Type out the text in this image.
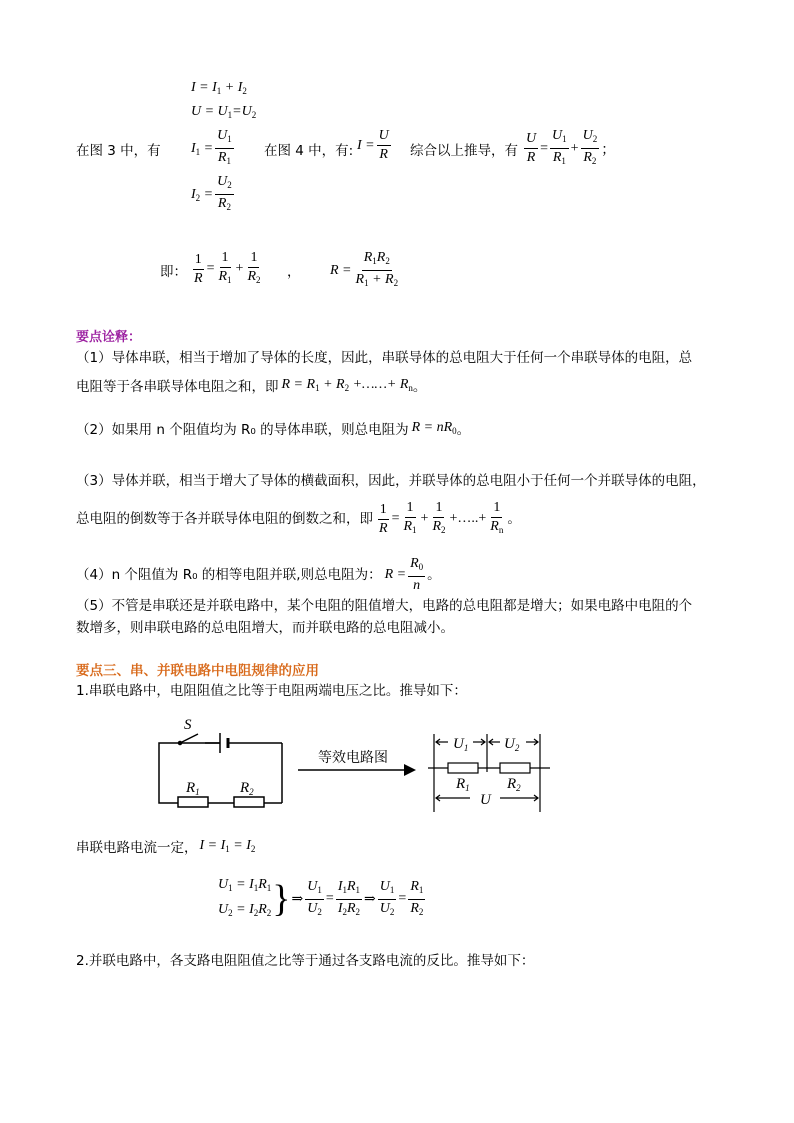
$I = I_1 + I_2$
$U = U_1=U_2$
在图 3 中，有 $I_1 = \frac{U_1}{R_1}$ 在图 4 中，有: $I = \frac{U}{R}$ 综合以上推导，有 $\frac{U}{R} = \frac{U_1}{R_1} + \frac{U_2}{R_2}$ ；
$I_2 = \frac{U_2}{R_2}$
即： $\frac{1}{R} = \frac{1}{R_1} + \frac{1}{R_2}$ ， $R = \frac{R_1R_2}{R_1 + R_2}$
要点诠释：
（1）导体串联，相当于增加了导体的长度，因此，串联导体的总电阻大于任何一个串联导体的电阻，总
电阻等于各串联导体电阻之和，即 $R = R_1 + R_2$ +……+ $R_n$ 。
（2）如果用 n 个阻值均为 R₀ 的导体串联，则总电阻为 $R = nR_0$ 。
（3）导体并联，相当于增大了导体的横截面积，因此，并联导体的总电阻小于任何一个并联导体的电阻，
总电阻的倒数等于各并联导体电阻的倒数之和，即 $\frac{1}{R} = \frac{1}{R_1} + \frac{1}{R_2}$ +…..+ $\frac{1}{R_n}$ 。
（4）n 个阻值为 R₀ 的相等电阻并联,则总电阻为： $R = \frac{R_0}{n}$ 。
（5）不管是串联还是并联电路中，某个电阻的阻值增大，电路的总电阻都是增大；如果电路中电阻的个
数增多，则串联电路的总电阻增大，而并联电路的总电阻减小。
要点三、串、并联电路中电阻规律的应用
1.串联电路中，电阻阻值之比等于电阻两端电压之比。推导如下：
S
$R_1$	$R_2$
等效电路图
$U_1$ $U_2$
$R_1$ $R_2$
U
串联电路电流一定， $I = I_1 = I_2$
$U_1 = I_1R_1$
$U_2 = I_2R_2$ } ⇒ $\frac{U_1}{U_2} = \frac{I_1R_1}{I_2R_2}$ ⇒ $\frac{U_1}{U_2} = \frac{R_1}{R_2}$
2.并联电路中，各支路电阻阻值之比等于通过各支路电流的反比。推导如下：
